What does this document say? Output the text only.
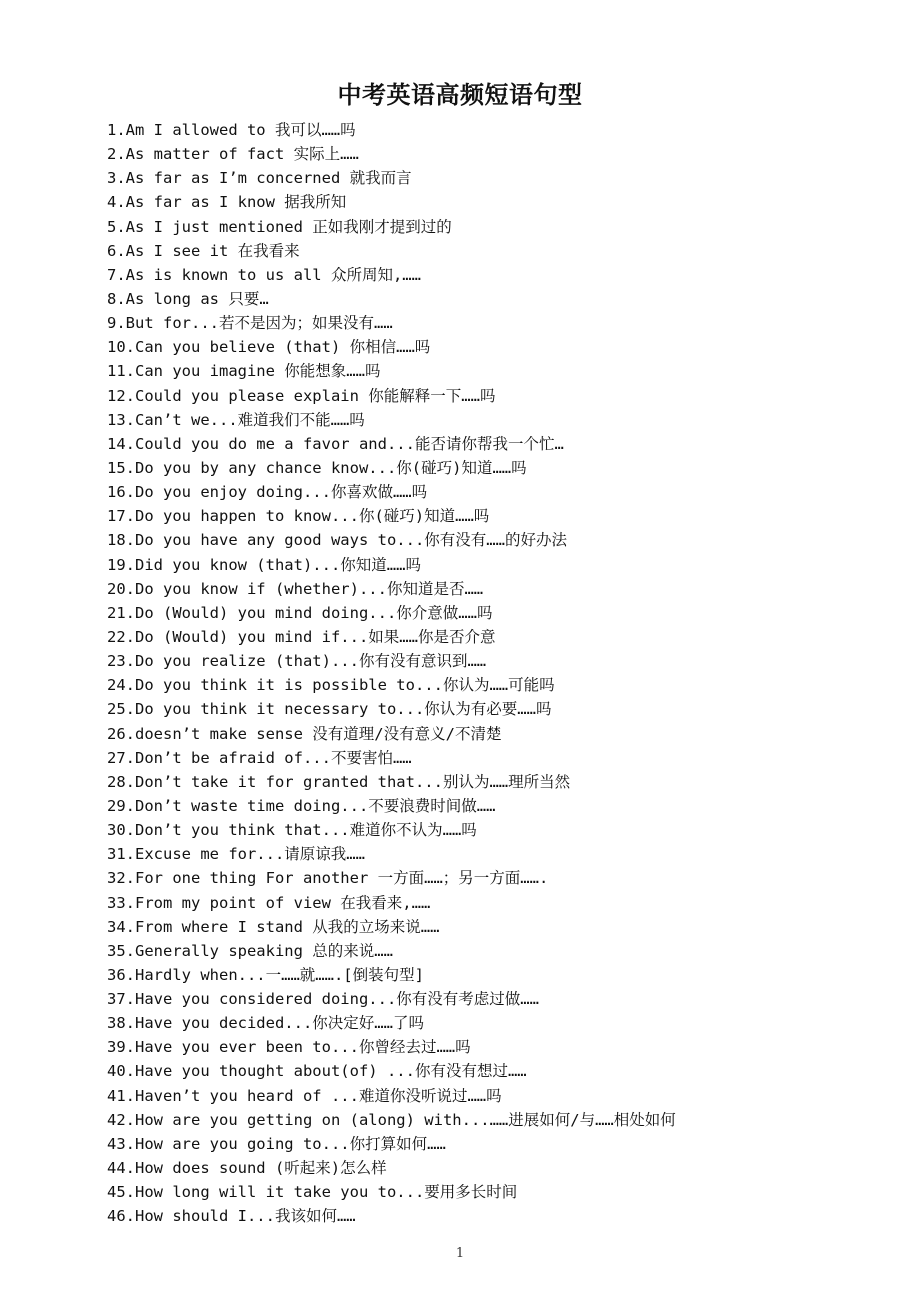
中考英语高频短语句型
1.Am I allowed to 我可以……吗
2.As matter of fact 实际上……
3.As far as I’m concerned 就我而言
4.As far as I know 据我所知
5.As I just mentioned 正如我刚才提到过的
6.As I see it 在我看来
7.As is known to us all 众所周知,……
8.As long as 只要…
9.But for...若不是因为；如果没有……
10.Can you believe (that) 你相信……吗
11.Can you imagine 你能想象……吗
12.Could you please explain 你能解释一下……吗
13.Can’t we...难道我们不能……吗
14.Could you do me a favor and...能否请你帮我一个忙…
15.Do you by any chance know...你(碰巧)知道……吗
16.Do you enjoy doing...你喜欢做……吗
17.Do you happen to know...你(碰巧)知道……吗
18.Do you have any good ways to...你有没有……的好办法
19.Did you know (that)...你知道……吗
20.Do you know if (whether)...你知道是否……
21.Do (Would) you mind doing...你介意做……吗
22.Do (Would) you mind if...如果……你是否介意
23.Do you realize (that)...你有没有意识到……
24.Do you think it is possible to...你认为……可能吗
25.Do you think it necessary to...你认为有必要……吗
26.doesn’t make sense 没有道理/没有意义/不清楚
27.Don’t be afraid of...不要害怕……
28.Don’t take it for granted that...别认为……理所当然
29.Don’t waste time doing...不要浪费时间做……
30.Don’t you think that...难道你不认为……吗
31.Excuse me for...请原谅我……
32.For one thing For another 一方面……；另一方面…….
33.From my point of view 在我看来,……
34.From where I stand 从我的立场来说……
35.Generally speaking 总的来说……
36.Hardly when...一……就…….[倒装句型]
37.Have you considered doing...你有没有考虑过做……
38.Have you decided...你决定好……了吗
39.Have you ever been to...你曾经去过……吗
40.Have you thought about(of) ...你有没有想过……
41.Haven’t you heard of ...难道你没听说过……吗
42.How are you getting on (along) with...……进展如何/与……相处如何
43.How are you going to...你打算如何……
44.How does sound (听起来)怎么样
45.How long will it take you to...要用多长时间
46.How should I...我该如何……
1
